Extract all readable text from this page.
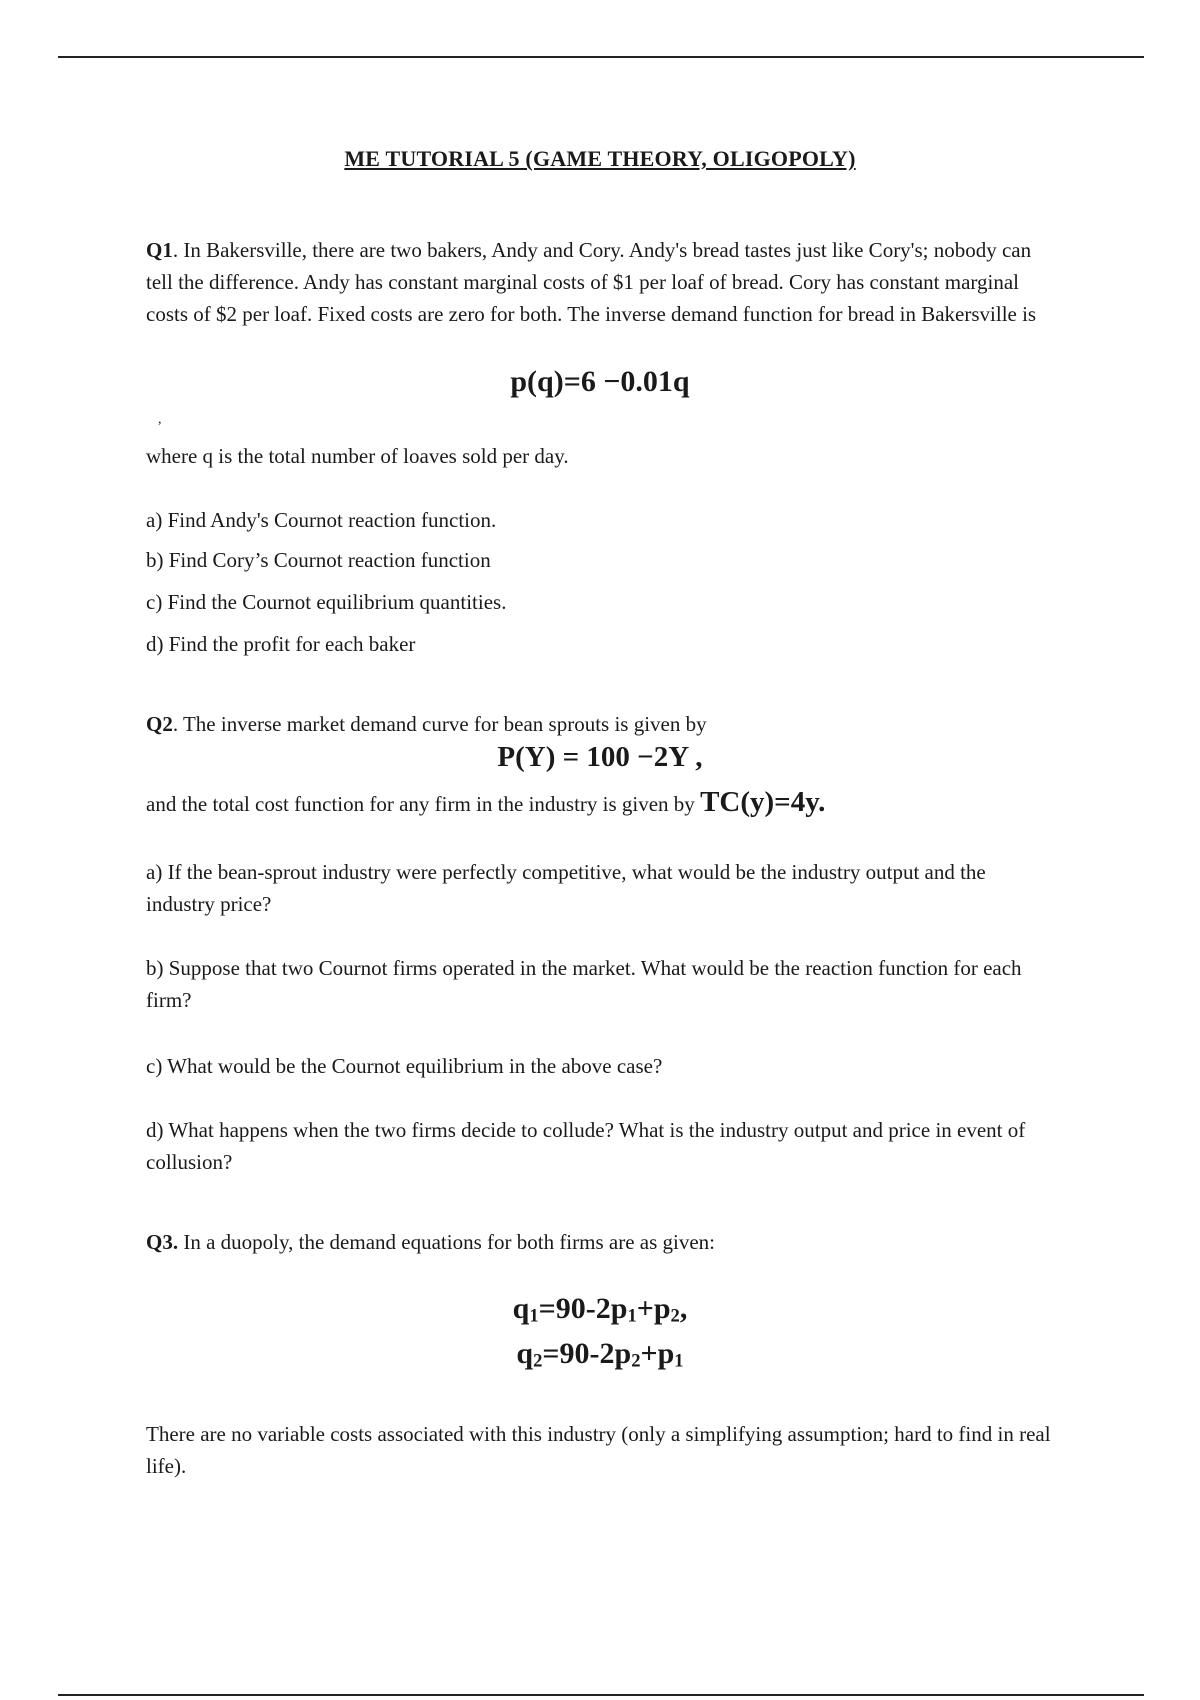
ME TUTORIAL 5 (GAME THEORY, OLIGOPOLY)
Q1. In Bakersville, there are two bakers, Andy and Cory. Andy's bread tastes just like Cory's; nobody can tell the difference. Andy has constant marginal costs of $1 per loaf of bread. Cory has constant marginal costs of $2 per loaf. Fixed costs are zero for both. The inverse demand function for bread in Bakersville is
p(q)=6 −0.01q
,
where q is the total number of loaves sold per day.
a) Find Andy's Cournot reaction function.
b) Find Cory’s Cournot reaction function
c) Find the Cournot equilibrium quantities.
d) Find the profit for each baker
Q2. The inverse market demand curve for bean sprouts is given by
P(Y) = 100 −2Y ,
and the total cost function for any firm in the industry is given by TC(y)=4y.
a) If the bean-sprout industry were perfectly competitive, what would be the industry output and the industry price?
b) Suppose that two Cournot firms operated in the market. What would be the reaction function for each firm?
c) What would be the Cournot equilibrium in the above case?
d) What happens when the two firms decide to collude? What is the industry output and price in event of collusion?
Q3. In a duopoly, the demand equations for both firms are as given:
$q_1=90-2p_1+p_2$,
$q_2=90-2p_2+p_1$
There are no variable costs associated with this industry (only a simplifying assumption; hard to find in real life).
